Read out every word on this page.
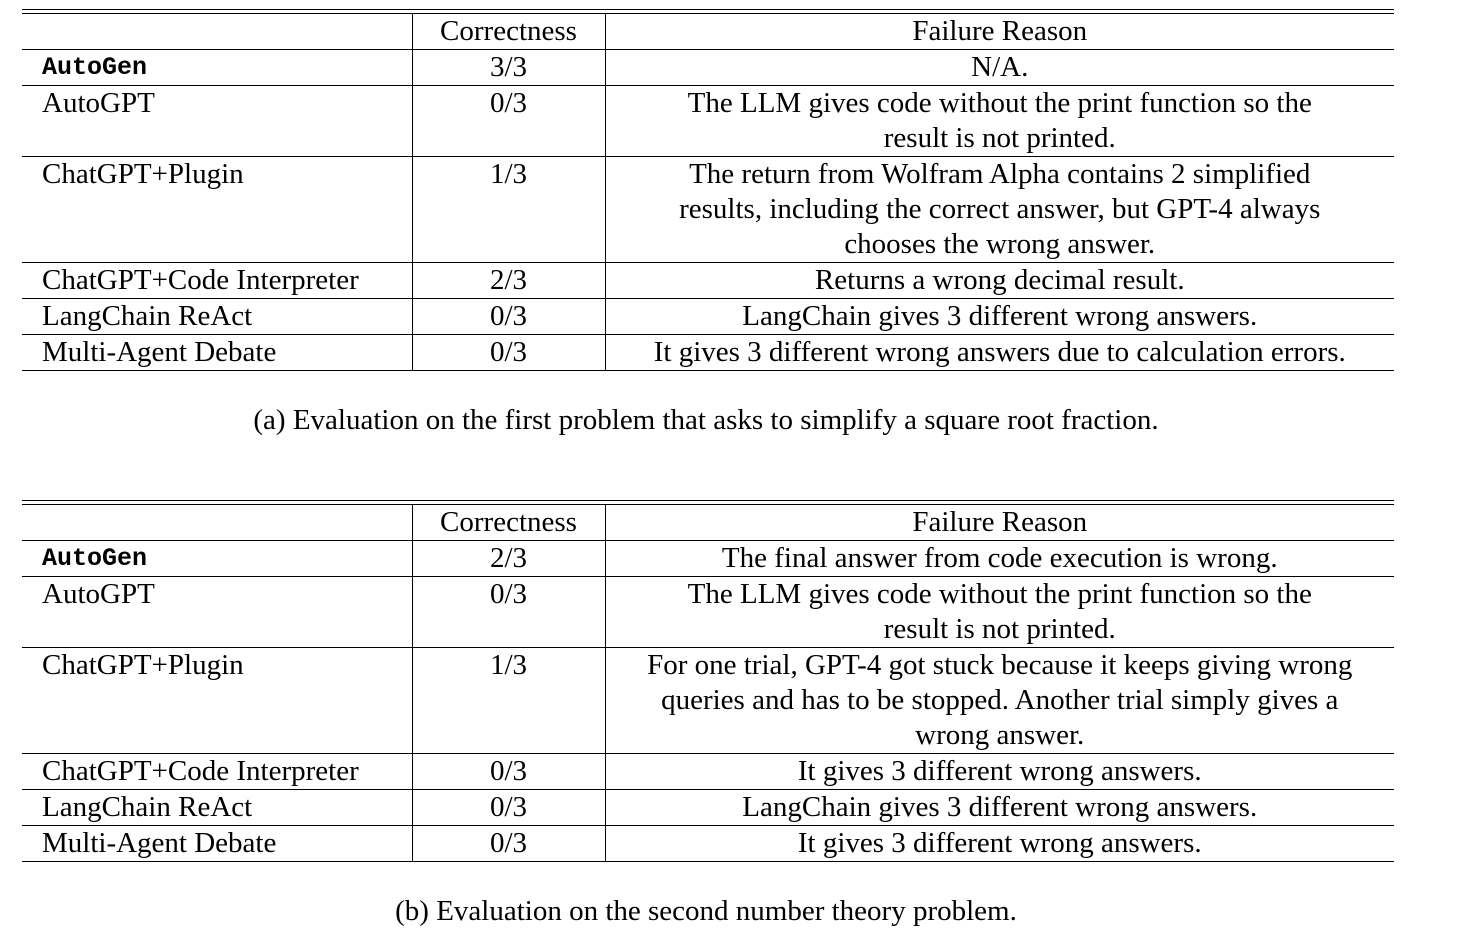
	Correctness	Failure Reason
AutoGen	3/3	N/A.
AutoGPT	0/3	The LLM gives code without the print function so the result is not printed.
ChatGPT+Plugin	1/3	The return from Wolfram Alpha contains 2 simplified results, including the correct answer, but GPT-4 always chooses the wrong answer.
ChatGPT+Code Interpreter	2/3	Returns a wrong decimal result.
LangChain ReAct	0/3	LangChain gives 3 different wrong answers.
Multi-Agent Debate	0/3	It gives 3 different wrong answers due to calculation errors.
(a) Evaluation on the first problem that asks to simplify a square root fraction.
	Correctness	Failure Reason
AutoGen	2/3	The final answer from code execution is wrong.
AutoGPT	0/3	The LLM gives code without the print function so the result is not printed.
ChatGPT+Plugin	1/3	For one trial, GPT-4 got stuck because it keeps giving wrong queries and has to be stopped. Another trial simply gives a wrong answer.
ChatGPT+Code Interpreter	0/3	It gives 3 different wrong answers.
LangChain ReAct	0/3	LangChain gives 3 different wrong answers.
Multi-Agent Debate	0/3	It gives 3 different wrong answers.
(b) Evaluation on the second number theory problem.
